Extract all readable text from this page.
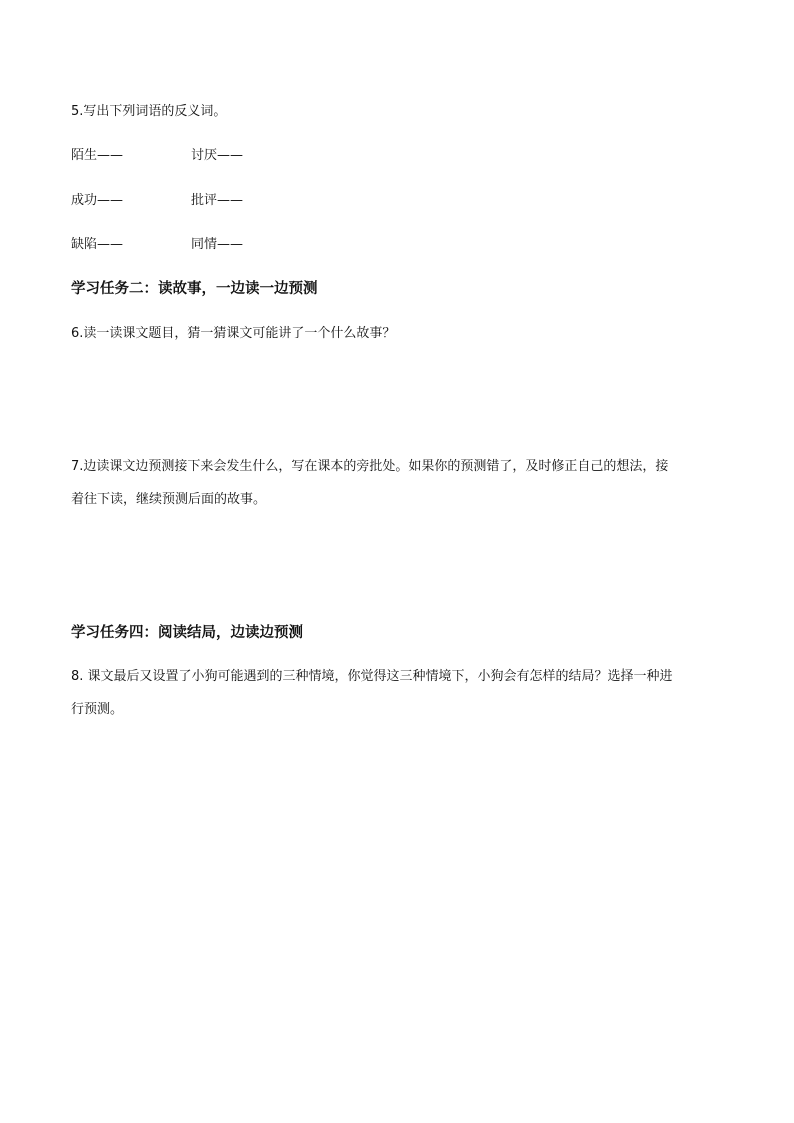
5.写出下列词语的反义词。
陌生——	讨厌——
成功——	批评——
缺陷——	同情——
学习任务二：读故事，一边读一边预测
6.读一读课文题目，猜一猜课文可能讲了一个什么故事？
7.边读课文边预测接下来会发生什么，写在课本的旁批处。如果你的预测错了，及时修正自己的想法，接
着往下读，继续预测后面的故事。
学习任务四：阅读结局，边读边预测
8. 课文最后又设置了小狗可能遇到的三种情境，你觉得这三种情境下，小狗会有怎样的结局？选择一种进
行预测。
